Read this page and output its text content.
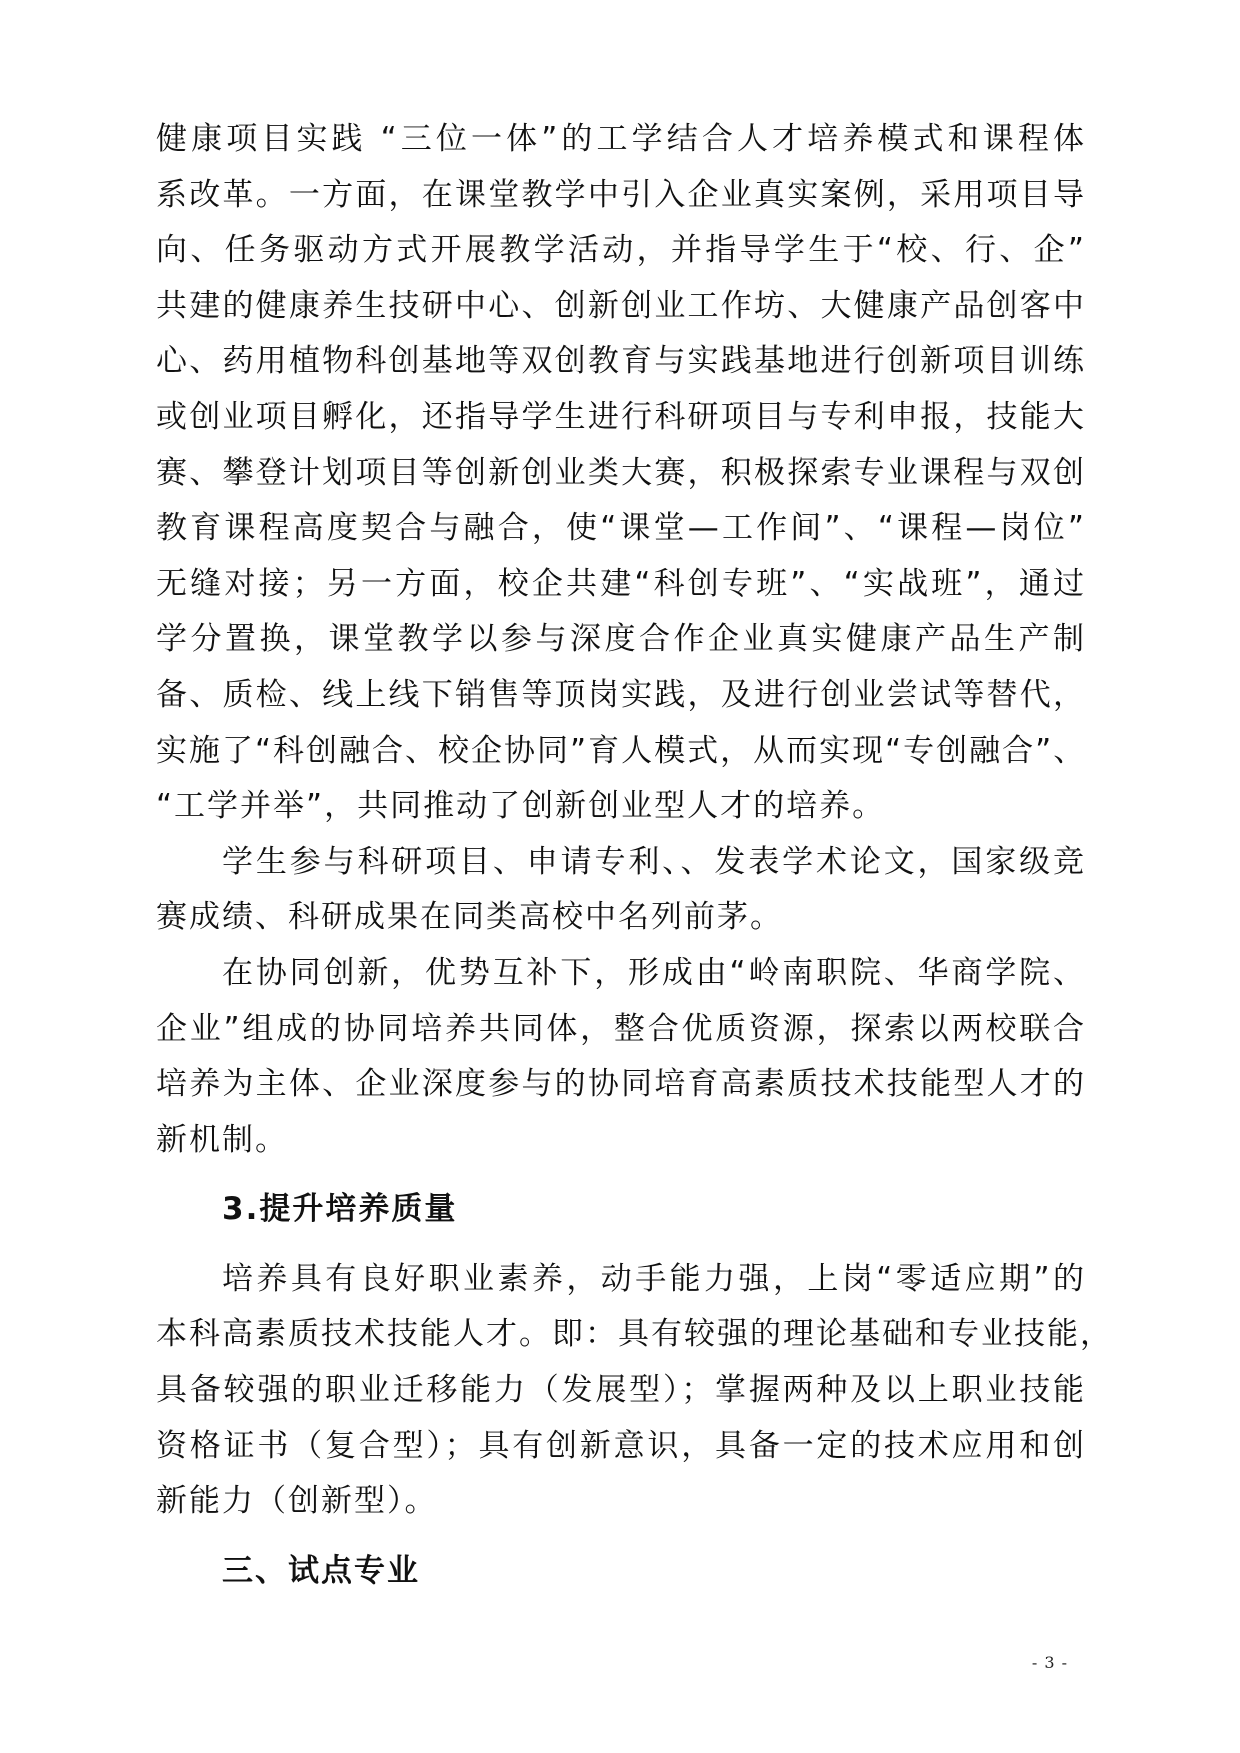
健康项目实践 “三位一体”的工学结合人才培养模式和课程体
系改革。一方面，在课堂教学中引入企业真实案例，采用项目导
向、任务驱动方式开展教学活动，并指导学生于“校、行、企”
共建的健康养生技研中心、创新创业工作坊、大健康产品创客中
心、药用植物科创基地等双创教育与实践基地进行创新项目训练
或创业项目孵化，还指导学生进行科研项目与专利申报，技能大
赛、攀登计划项目等创新创业类大赛，积极探索专业课程与双创
教育课程高度契合与融合，使“课堂—工作间”、“课程—岗位”
无缝对接；另一方面，校企共建“科创专班”、“实战班”，通过
学分置换，课堂教学以参与深度合作企业真实健康产品生产制
备、质检、线上线下销售等顶岗实践，及进行创业尝试等替代，
实施了“科创融合、校企协同”育人模式，从而实现“专创融合”、
“工学并举”，共同推动了创新创业型人才的培养。
学生参与科研项目、申请专利、、发表学术论文，国家级竞
赛成绩、科研成果在同类高校中名列前茅。
在协同创新，优势互补下，形成由“岭南职院、华商学院、
企业”组成的协同培养共同体，整合优质资源，探索以两校联合
培养为主体、企业深度参与的协同培育高素质技术技能型人才的
新机制。
3.提升培养质量
培养具有良好职业素养，动手能力强，上岗“零适应期”的
本科高素质技术技能人才。即：具有较强的理论基础和专业技能，
具备较强的职业迁移能力（发展型）；掌握两种及以上职业技能
资格证书（复合型）；具有创新意识，具备一定的技术应用和创
新能力（创新型）。
三、试点专业
- 3 -
